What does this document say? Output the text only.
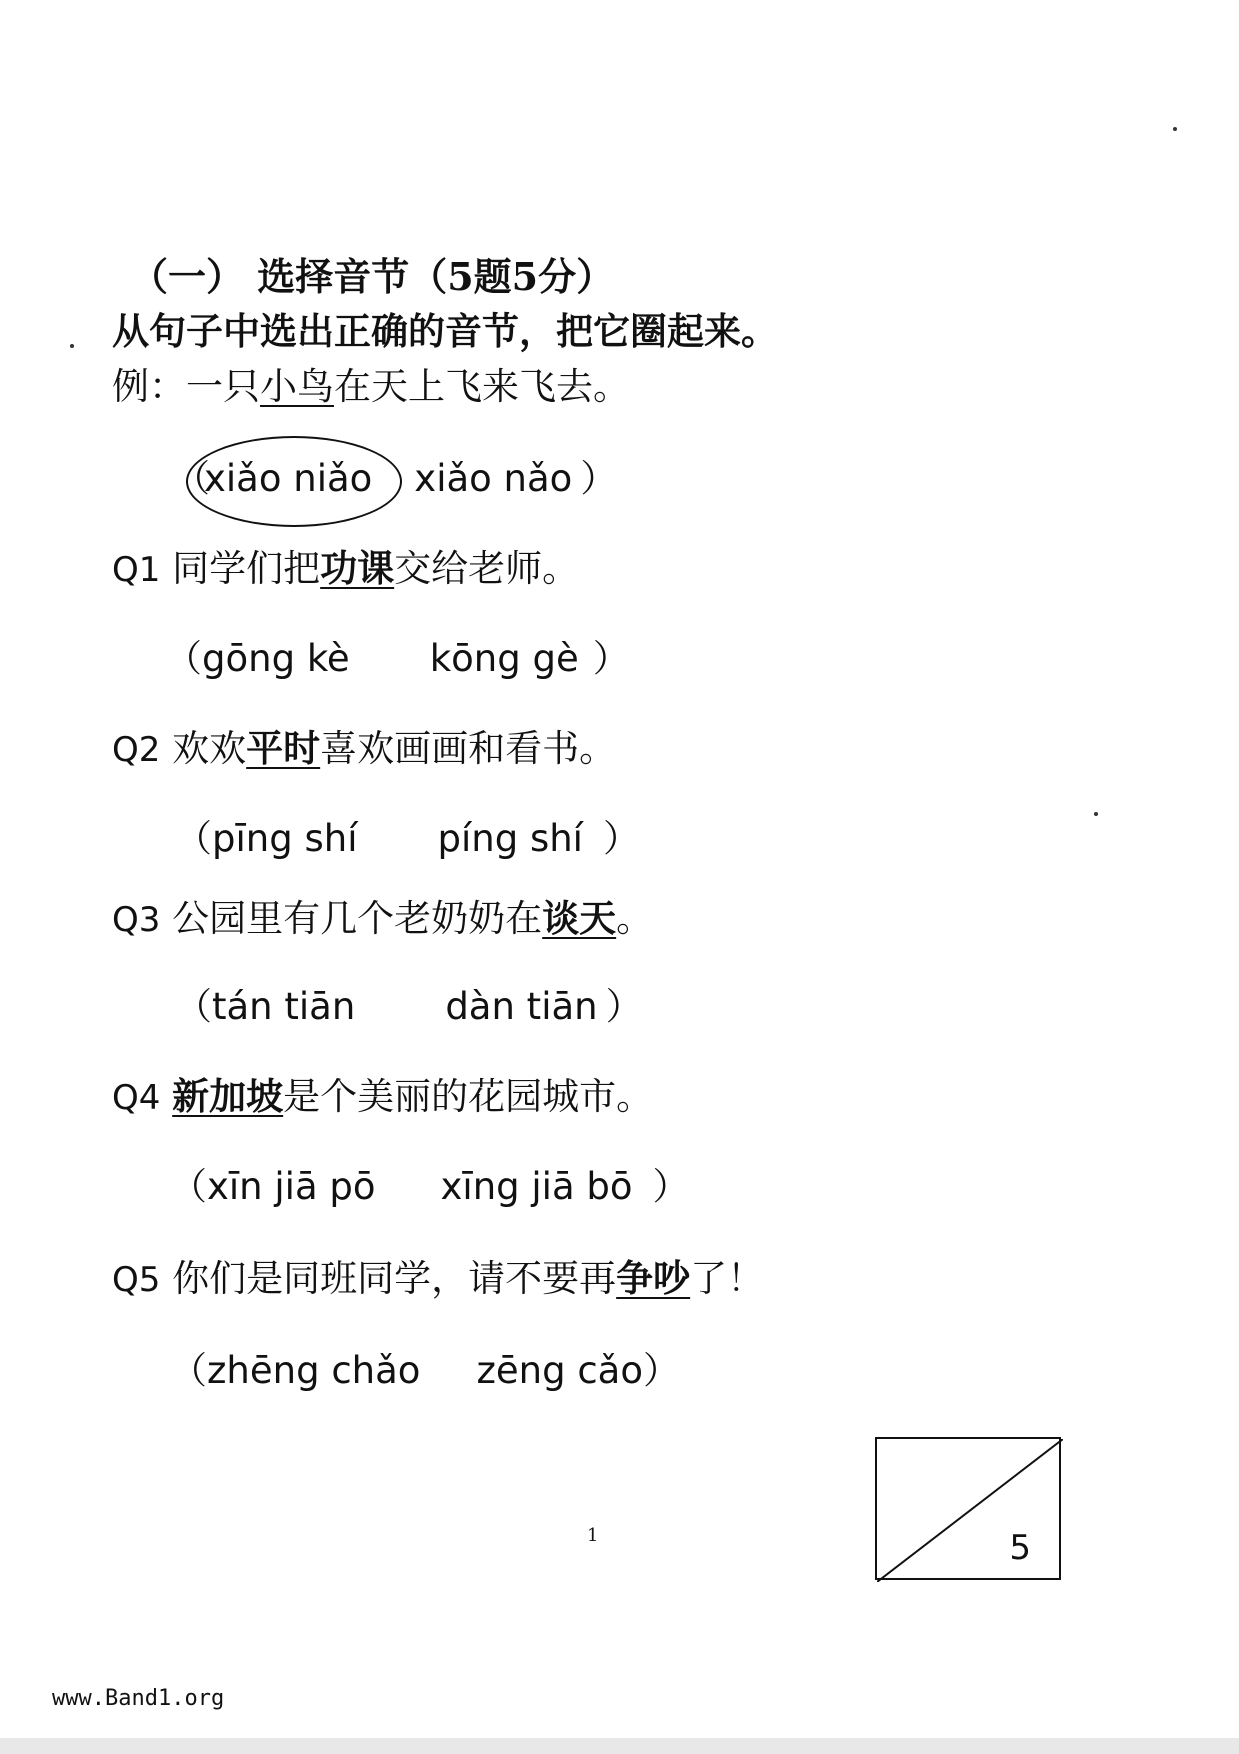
（一） 选择音节（5题5分）
从句子中选出正确的音节，把它圈起来。
例：一只小鸟在天上飞来飞去。
（xiǎo niǎo xiǎo nǎo ）
Q1 同学们把功课交给老师。
（gōng kè kōng gè ）
Q2 欢欢平时喜欢画画和看书。
（pīng shí píng shí ）
Q3 公园里有几个老奶奶在谈天。
（tán tiān dàn tiān ）
Q4 新加坡是个美丽的花园城市。
（xīn jiā pō xīng jiā bō ）
Q5 你们是同班同学，请不要再争吵了！
（zhēng chǎo zēng cǎo）
5
1
www.Band1.org
